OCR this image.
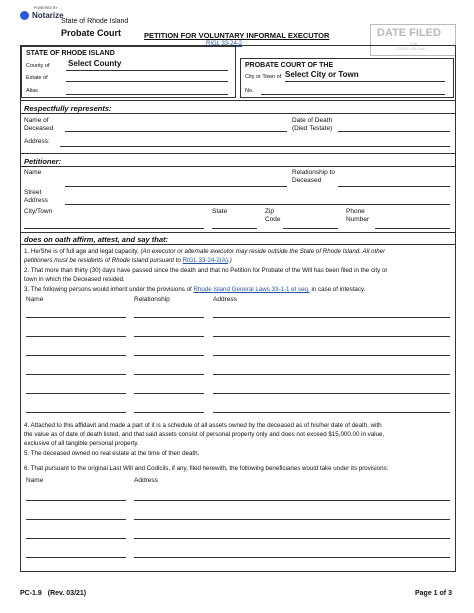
POWERED BY
Notarize
State of Rhode Island
Probate Court	PETITION FOR VOLUNTARY INFORMAL EXECUTOR
RIGL 33-24-2
DATE FILED
FOR
COURT USE ONLY
STATE OF RHODE ISLAND
County of Select County
Estate of
Alias
PROBATE COURT OF THE
City or Town of Select City or Town
No.
Respectfully represents:
Name of
Deceased
Date of Death
(Died Testate)
Address:
Petitioner:
Name	Relationship to
Deceased
Street
Address
City/Town	State	Zip
Code
Phone
Number
does on oath affirm, attest, and say that:
1. He/She is of full age and legal capacity. (An executor or alternate executor may reside outside the State of Rhode Island. All other
petitioners must be residents of Rhode Island pursuant to RIGL 33-24-2(A).)
2. That more than thirty (30) days have passed since the death and that no Petition for Probate of the Will has been filed in the city or
town in which the Deceased resided.
3. The following persons would inherit under the provisions of Rhode Island General Laws 33-1-1 et seq. in case of intestacy.
Name	Relationship	Address
4. Attached to this affidavit and made a part of it is a schedule of all assets owned by the deceased as of his/her date of death, with
the value as of date of death listed, and that said assets consist of personal property only and does not exceed $15,000.00 in value,
exclusive of all tangible personal property.
5. The deceased owned no real estate at the time of their death.
6. That pursuant to the original Last Will and Codicils, if any, filed herewith, the following beneficiaries would take under its provisions:
Name	Address
PC-1.9 (Rev. 03/21)	Page 1 of 3
